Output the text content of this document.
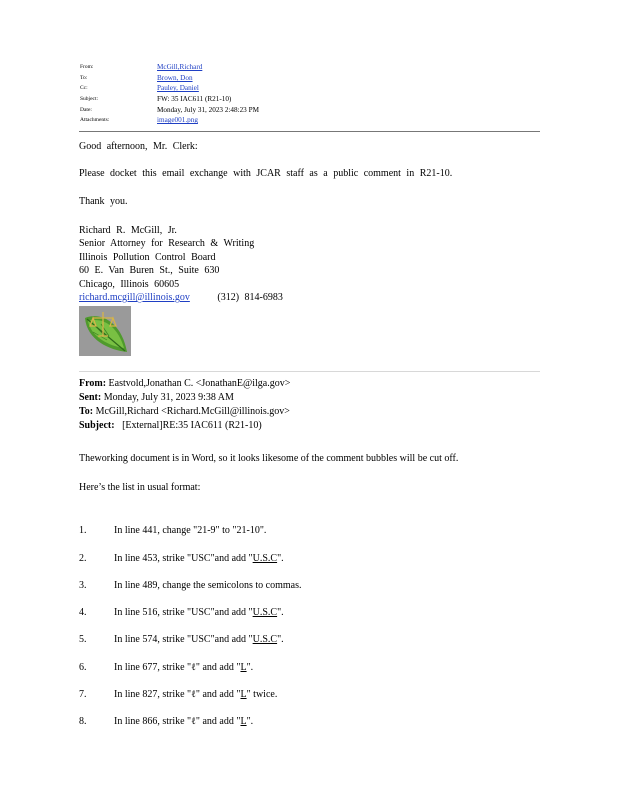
From:	McGill,Richard
To:	Brown, Don
Cc:	Pauley, Daniel
Subject:	FW: 35 IAC611 (R21-10)
Date:	Monday, July 31, 2023 2:48:23 PM
Attachments:	image001.png
Good afternoon, Mr. Clerk:
Please docket this email exchange with JCAR staff as a public comment in R21-10.
Thank you.
Richard R. McGill, Jr.
Senior Attorney for Research & Writing
Illinois Pollution Control Board
60 E. Van Buren St., Suite 630
Chicago, Illinois 60605
richard.mcgill@illinois.gov	(312) 814-6983
From: Eastvold,Jonathan C. <JonathanE@ilga.gov>
Sent: Monday, July 31, 2023 9:38 AM
To: McGill,Richard <Richard.McGill@illinois.gov>
Subject: [External]RE:35 IAC611 (R21-10)
Theworking document is in Word, so it looks likesome of the comment bubbles will be cut off.
Here’s the list in usual format:
1.	In line 441, change "21-9" to "21-10".
2.	In line 453, strike "USC"and add "U.S.C".
3.	In line 489, change the semicolons to commas.
4.	In line 516, strike "USC"and add "U.S.C".
5.	In line 574, strike "USC"and add "U.S.C".
6.	In line 677, strike "ℓ" and add "L".
7.	In line 827, strike "ℓ" and add "L" twice.
8.	In line 866, strike "ℓ" and add "L".
